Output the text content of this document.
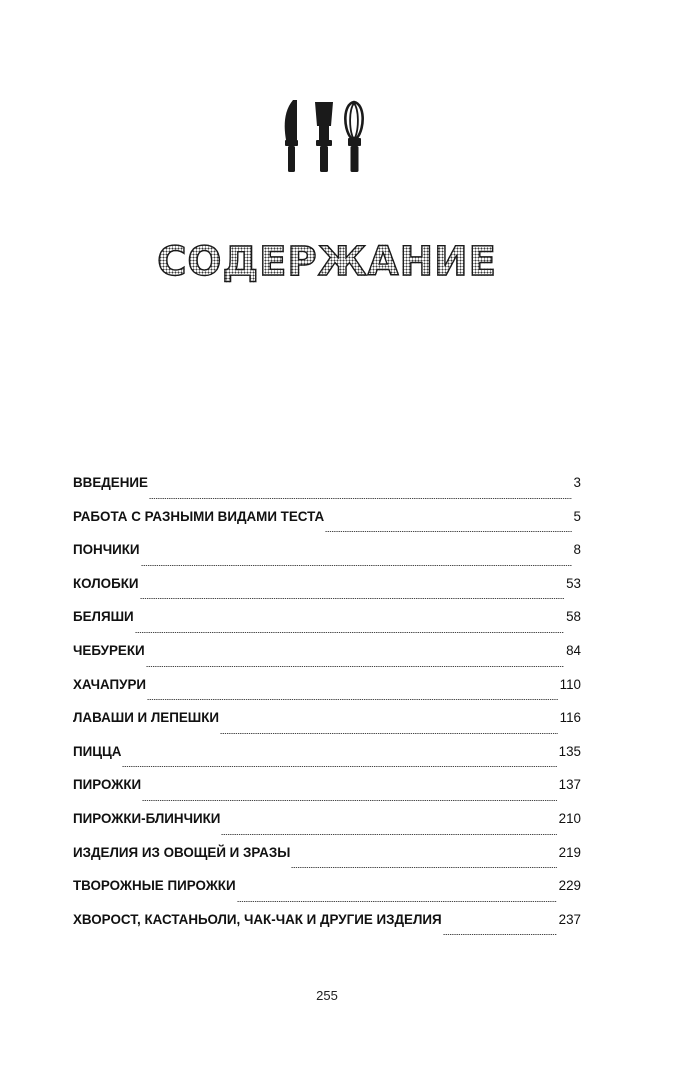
СОДЕРЖАНИЕ
ВВЕДЕНИЕ	3
РАБОТА С РАЗНЫМИ ВИДАМИ ТЕСТА	5
ПОНЧИКИ	8
КОЛОБКИ	53
БЕЛЯШИ	58
ЧЕБУРЕКИ	84
ХАЧАПУРИ	110
ЛАВАШИ И ЛЕПЕШКИ	116
ПИЦЦА	135
ПИРОЖКИ	137
ПИРОЖКИ-БЛИНЧИКИ	210
ИЗДЕЛИЯ ИЗ ОВОЩЕЙ И ЗРАЗЫ	219
ТВОРОЖНЫЕ ПИРОЖКИ	229
ХВОРОСТ, КАСТАНЬОЛИ, ЧАК-ЧАК И ДРУГИЕ ИЗДЕЛИЯ	237
255
